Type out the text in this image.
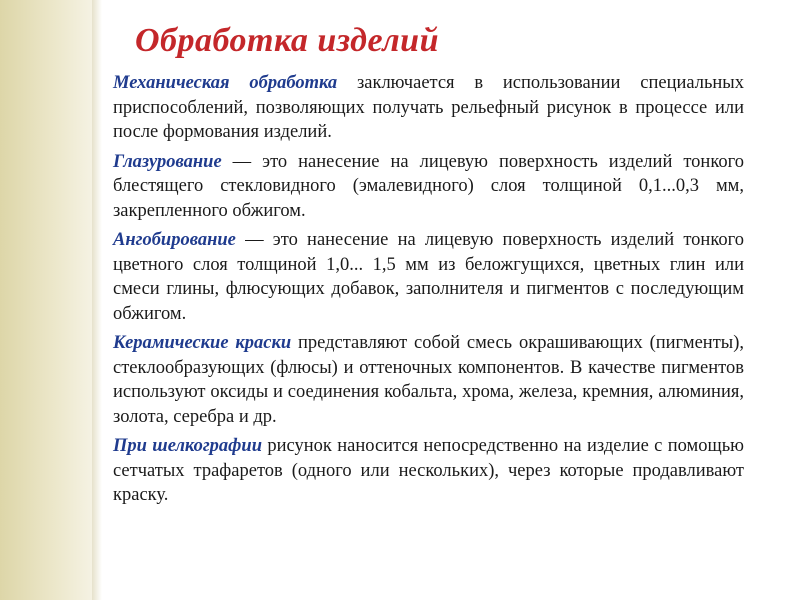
Обработка изделий

Механическая обработка заключается в использовании специальных приспособлений, позволяющих получать рельефный рисунок в процессе или после формования изделий.

Глазурование — это нанесение на лицевую поверхность изделий тонкого блестящего стекловидного (эмалевидного) слоя толщиной 0,1...0,3 мм, закрепленного обжигом.

Ангобирование — это нанесение на лицевую поверхность изделий тонкого цветного слоя толщиной 1,0... 1,5 мм из беложгущихся, цветных глин или смеси глины, флюсующих добавок, заполнителя и пигментов с последующим обжигом.

Керамические краски представляют собой смесь окрашивающих (пигменты), стеклообразующих (флюсы) и оттеночных компонентов. В качестве пигментов используют оксиды и соединения кобальта, хрома, железа, кремния, алюминия, золота, серебра и др.

При шелкографии рисунок наносится непосредственно на изделие с помощью сетчатых трафаретов (одного или нескольких), через которые продавливают краску.
